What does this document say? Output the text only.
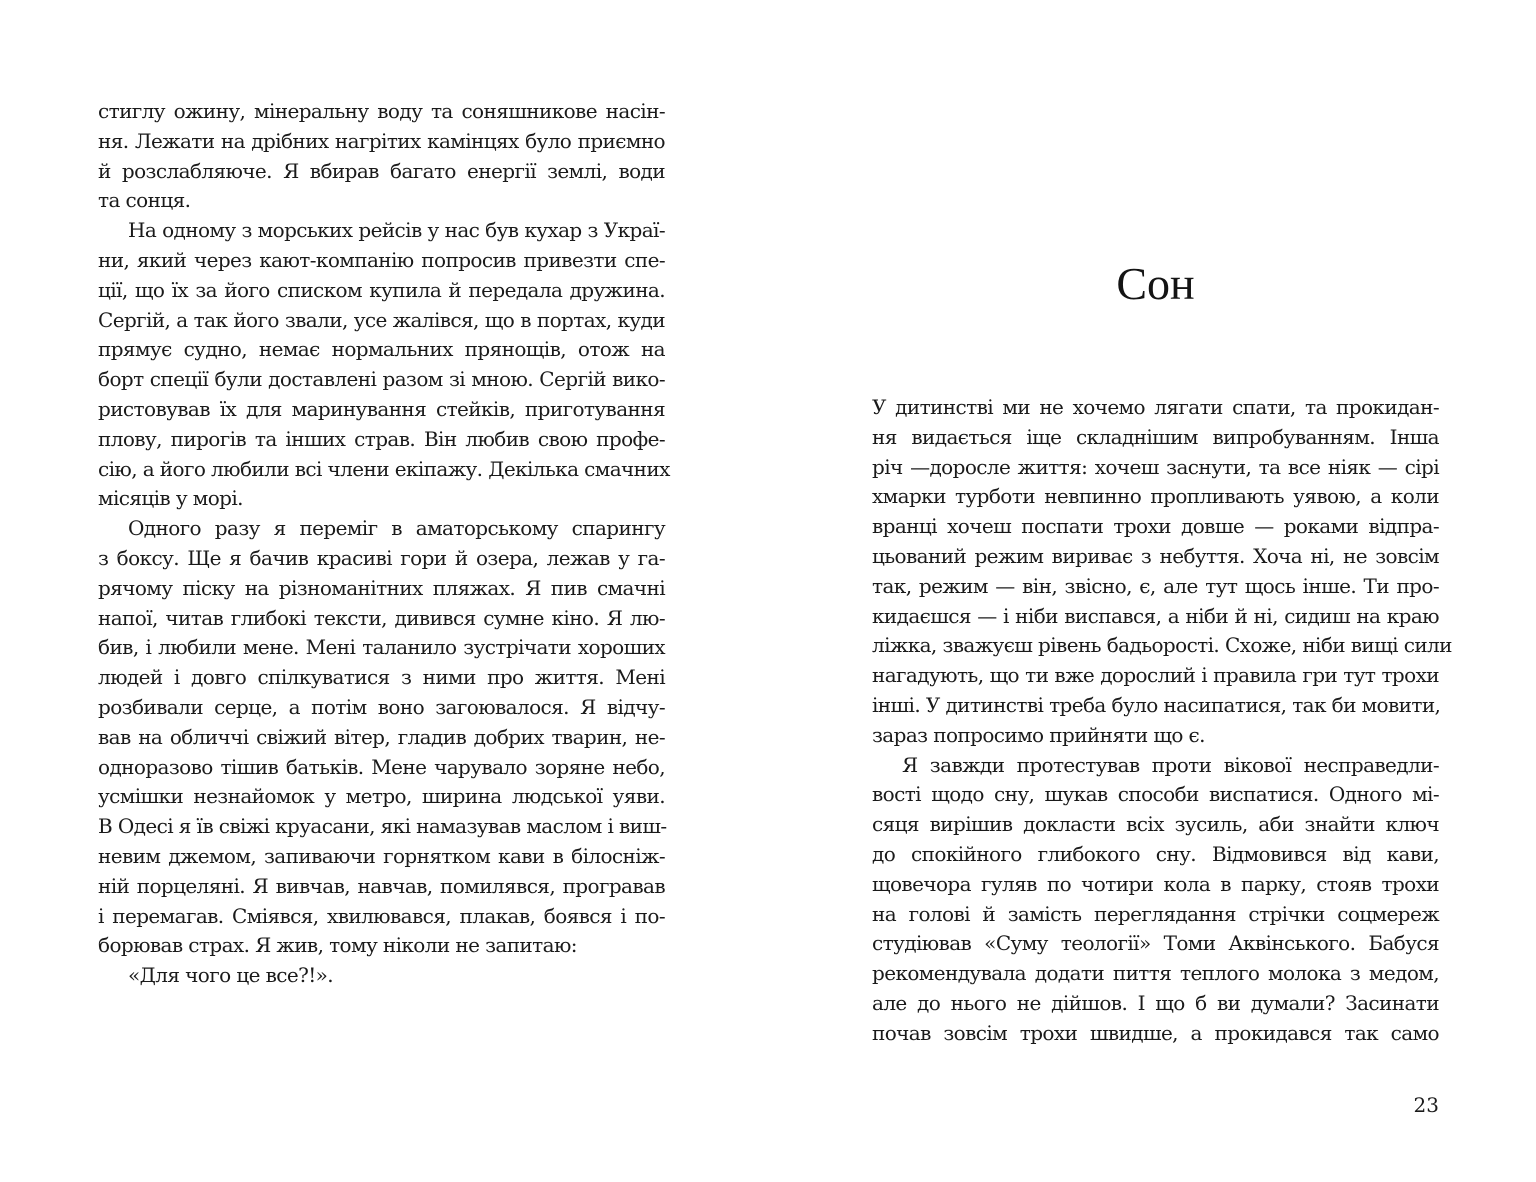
стиглу ожину, мінеральну воду та соняшникове насін-

ня. Лежати на дрібних нагрітих камінцях було приємно

й розслабляюче. Я вбирав багато енергії землі, води

та сонця.

На одному з морських рейсів у нас був кухар з Украї-

ни, який через кают-компанію попросив привезти спе-

ції, що їх за його списком купила й передала дружина.

Сергій, а так його звали, усе жалівся, що в портах, куди

прямує судно, немає нормальних прянощів, отож на

борт спеції були доставлені разом зі мною. Сергій вико-

ристовував їх для маринування стейків, приготування

плову, пирогів та інших страв. Він любив свою профе-

сію, а його любили всі члени екіпажу. Декілька смачних

місяців у морі.

Одного разу я переміг в аматорському спарингу

з боксу. Ще я бачив красиві гори й озера, лежав у га-

рячому піску на різноманітних пляжах. Я пив смачні

напої, читав глибокі тексти, дивився сумне кіно. Я лю-

бив, і любили мене. Мені таланило зустрічати хороших

людей і довго спілкуватися з ними про життя. Мені

розбивали серце, а потім воно загоювалося. Я відчу-

вав на обличчі свіжий вітер, гладив добрих тварин, не-

одноразово тішив батьків. Мене чарувало зоряне небо,

усмішки незнайомок у метро, ширина людської уяви.

В Одесі я їв свіжі круасани, які намазував маслом і виш-

невим джемом, запиваючи горнятком кави в білосніж-

ній порцеляні. Я вивчав, навчав, помилявся, програвав

і перемагав. Сміявся, хвилювався, плакав, боявся і по-

борював страх. Я жив, тому ніколи не запитаю:

«Для чого це все?!».

Сон

У дитинстві ми не хочемо лягати спати, та прокидан-

ня видається іще складнішим випробуванням. Інша

річ —доросле життя: хочеш заснути, та все ніяк — сірі

хмарки турботи невпинно пропливають уявою, а коли

вранці хочеш поспати трохи довше — роками відпра-

цьований режим вириває з небуття. Хоча ні, не зовсім

так, режим — він, звісно, є, але тут щось інше. Ти про-

кидаєшся — і ніби виспався, а ніби й ні, сидиш на краю

ліжка, зважуєш рівень бадьорості. Схоже, ніби вищі сили

нагадують, що ти вже дорослий і правила гри тут трохи

інші. У дитинстві треба було насипатися, так би мовити,

зараз попросимо прийняти що є.

Я завжди протестував проти вікової несправедли-

вості щодо сну, шукав способи виспатися. Одного мі-

сяця вирішив докласти всіх зусиль, аби знайти ключ

до спокійного глибокого сну. Відмовився від кави,

щовечора гуляв по чотири кола в парку, стояв трохи

на голові й замість переглядання стрічки соцмереж

студіював «Суму теології» Томи Аквінського. Бабуся

рекомендувала додати пиття теплого молока з медом,

але до нього не дійшов. І що б ви думали? Засинати

почав зовсім трохи швидше, а прокидався так само

23
